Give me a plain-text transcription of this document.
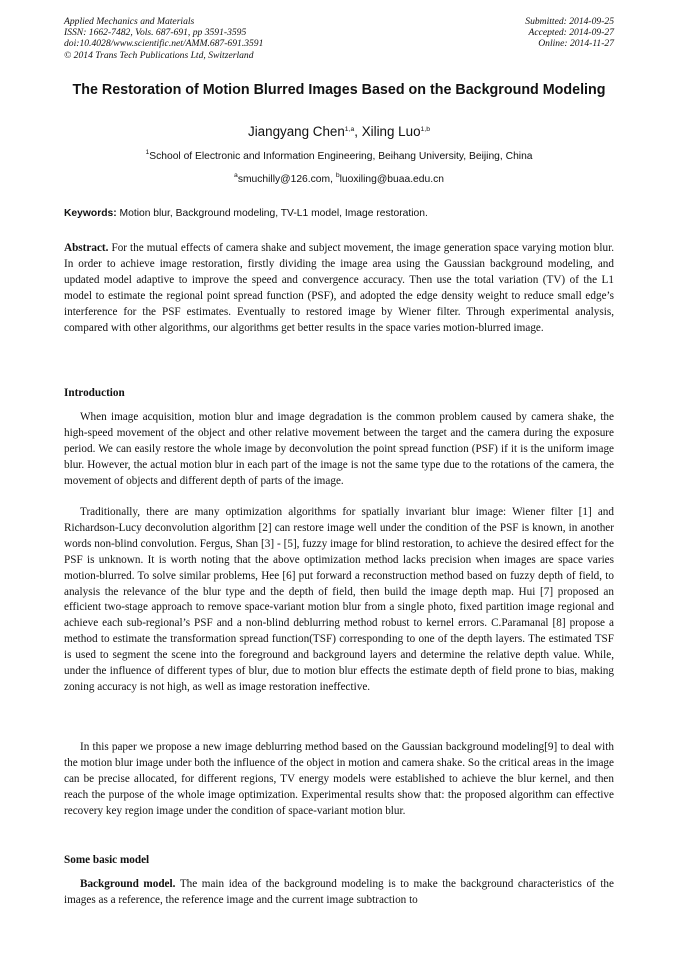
Applied Mechanics and Materials
ISSN: 1662-7482, Vols. 687-691, pp 3591-3595
doi:10.4028/www.scientific.net/AMM.687-691.3591
© 2014 Trans Tech Publications Ltd, Switzerland
Submitted: 2014-09-25
Accepted: 2014-09-27
Online: 2014-11-27
The Restoration of Motion Blurred Images Based on the Background Modeling
Jiangyang Chen$^{1,a}$, Xiling Luo$^{1,b}$
$^1$School of Electronic and Information Engineering, Beihang University, Beijing, China
$^a$smuchilly@126.com, $^b$luoxiling@buaa.edu.cn
Keywords: Motion blur, Background modeling, TV-L1 model, Image restoration.

Abstract. For the mutual effects of camera shake and subject movement, the image generation space varying motion blur. In order to achieve image restoration, firstly dividing the image area using the Gaussian background modeling, and updated model adaptive to improve the speed and convergence accuracy. Then use the total variation (TV) of the L1 model to estimate the regional point spread function (PSF), and adopted the edge density weight to reduce small edge’s interference for the PSF estimates. Eventually to restored image by Wiener filter. Through experimental analysis, compared with other algorithms, our algorithms get better results in the space varies motion-blurred image.

Introduction

When image acquisition, motion blur and image degradation is the common problem caused by camera shake, the high-speed movement of the object and other relative movement between the target and the camera during the exposure period. We can easily restore the whole image by deconvolution the point spread function (PSF) if it is the uniform image blur. However, the actual motion blur in each part of the image is not the same type due to the rotations of the camera, the movement of objects and different depth of parts of the image.

Traditionally, there are many optimization algorithms for spatially invariant blur image: Wiener filter [1] and Richardson-Lucy deconvolution algorithm [2] can restore image well under the condition of the PSF is known, in another words non-blind convolution. Fergus, Shan [3] - [5], fuzzy image for blind restoration, to achieve the desired effect for the PSF is unknown. It is worth noting that the above optimization method lacks precision when images are space varies motion-blurred. To solve similar problems, Hee [6] put forward a reconstruction method based on fuzzy depth of field, to analysis the relevance of the blur type and the depth of field, then build the image depth map. Hui [7] proposed an efficient two-stage approach to remove space-variant motion blur from a single photo, fixed partition image regional and achieve each sub-regional’s PSF and a non-blind deblurring method robust to kernel errors. C.Paramanal [8] propose a method to estimate the transformation spread function(TSF) corresponding to one of the depth layers. The estimated TSF is used to segment the scene into the foreground and background layers and determine the relative depth value. While, under the influence of different types of blur, due to motion blur effects the estimate depth of field prone to bias, making zoning accuracy is not high, as well as image restoration ineffective.

In this paper we propose a new image deblurring method based on the Gaussian background modeling[9] to deal with the motion blur image under both the influence of the object in motion and camera shake. So the critical areas in the image can be precise allocated, for different regions, TV energy models were established to achieve the blur kernel, and then reach the purpose of the whole image optimization. Experimental results show that: the proposed algorithm can effective recovery key region image under the condition of space-variant motion blur.

Some basic model

Background model. The main idea of the background modeling is to make the background characteristics of the images as a reference, the reference image and the current image subtraction to
